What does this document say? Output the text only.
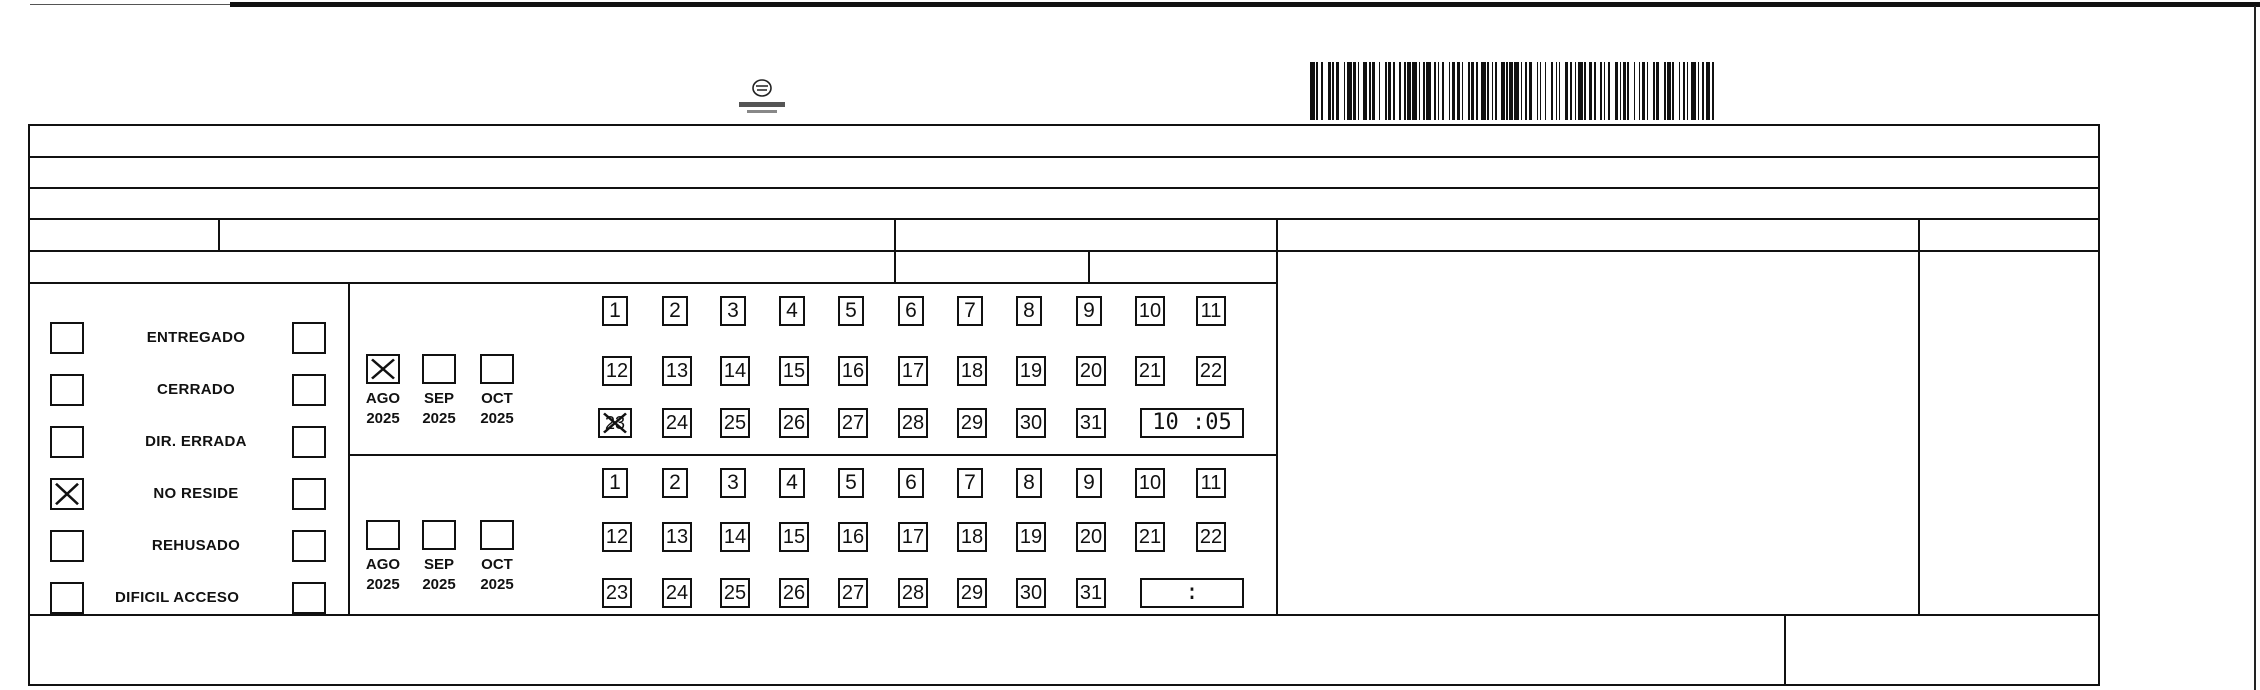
ENTREGADO
CERRADO
DIR. ERRADA
NO RESIDE
REHUSADO
DIFICIL ACCESO
AGO
2025
SEP
2025
OCT
2025
AGO
2025
SEP
2025
OCT
2025
1	2	3	4	5	6	7	8	9	10 11
12 13 14 15 16 17 18 19 20 21 22
23	24 25 26 27 28 29 30 31	10 :05
1	2	3	4	5	6	7	8	9	10 11
12 13 14 15 16 17 18 19 20 21 22
23 24 25 26 27 28 29 30 31	:
